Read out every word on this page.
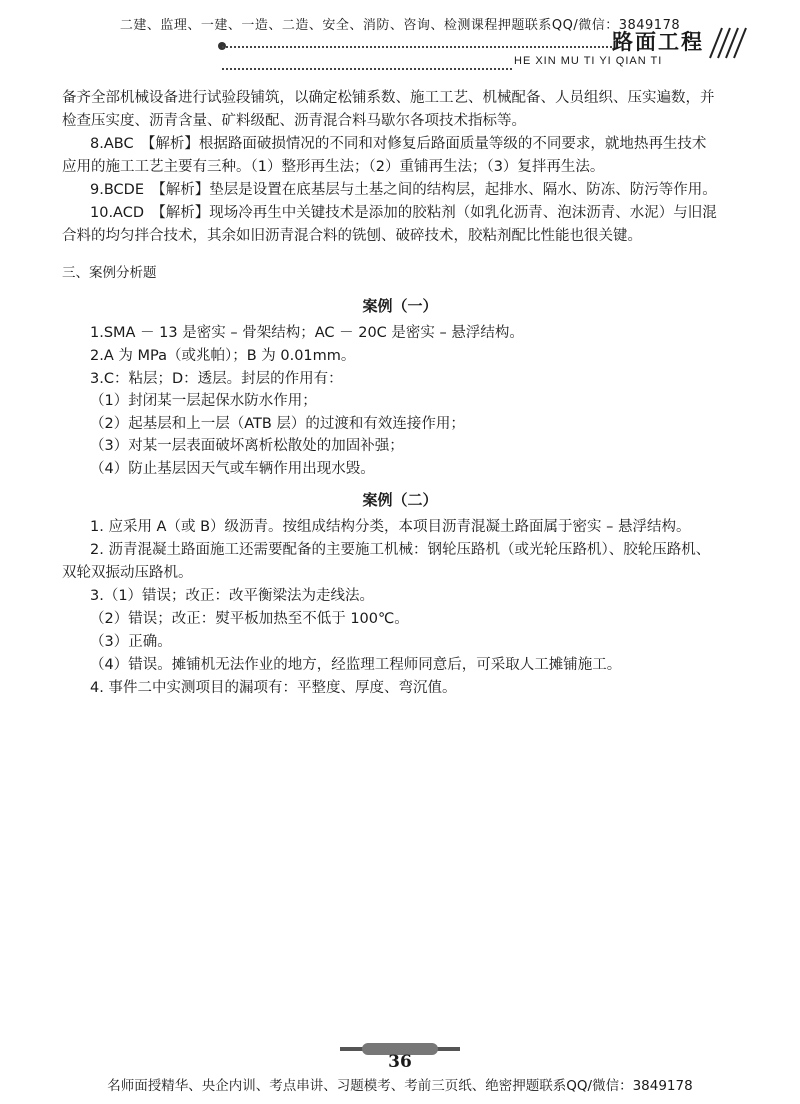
二建、监理、一建、一造、二造、安全、消防、咨询、检测课程押题联系QQ/微信：3849178
路面工程
HE XIN MU TI YI QIAN TI
备齐全部机械设备进行试验段铺筑，以确定松铺系数、施工工艺、机械配备、人员组织、压实遍数，并
检查压实度、沥青含量、矿料级配、沥青混合料马歇尔各项技术指标等。
8.ABC　【解析】根据路面破损情况的不同和对修复后路面质量等级的不同要求，就地热再生技术
应用的施工工艺主要有三种。（1）整形再生法；（2）重铺再生法；（3）复拌再生法。
9.BCDE　【解析】垫层是设置在底基层与土基之间的结构层，起排水、隔水、防冻、防污等作用。
10.ACD　【解析】现场冷再生中关键技术是添加的胶粘剂（如乳化沥青、泡沫沥青、水泥）与旧混
合料的均匀拌合技术，其余如旧沥青混合料的铣刨、破碎技术，胶粘剂配比性能也很关键。
三、案例分析题
案例（一）
1.SMA － 13 是密实 – 骨架结构；AC － 20C 是密实 – 悬浮结构。
2.A 为 MPa（或兆帕）；B 为 0.01mm。
3.C：粘层；D：透层。封层的作用有：
（1）封闭某一层起保水防水作用；
（2）起基层和上一层（ATB 层）的过渡和有效连接作用；
（3）对某一层表面破坏离析松散处的加固补强；
（4）防止基层因天气或车辆作用出现水毁。
案例（二）
1. 应采用 A（或 B）级沥青。按组成结构分类，本项目沥青混凝土路面属于密实 – 悬浮结构。
2. 沥青混凝土路面施工还需要配备的主要施工机械：钢轮压路机（或光轮压路机）、胶轮压路机、
双轮双振动压路机。
3.（1）错误；改正：改平衡梁法为走线法。
（2）错误；改正：熨平板加热至不低于 100℃。
（3）正确。
（4）错误。摊铺机无法作业的地方，经监理工程师同意后，可采取人工摊铺施工。
4. 事件二中实测项目的漏项有：平整度、厚度、弯沉值。
36
名师面授精华、央企内训、考点串讲、习题模考、考前三页纸、绝密押题联系QQ/微信：3849178
